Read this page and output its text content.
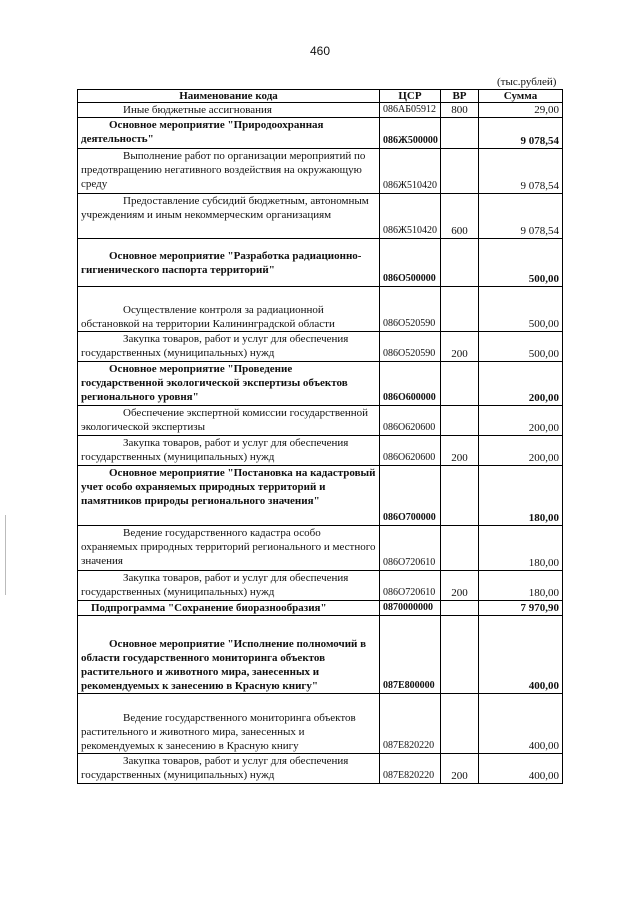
460
(тыс.рублей)
Наименование кода	ЦСР	ВР	Сумма
Иные бюджетные ассигнования	086АБ05912	800	29,00
Основное мероприятие "Природоохранная деятельность"	086Ж500000		9 078,54
Выполнение работ по организации мероприятий по предотвращению негативного воздействия на окружающую среду	086Ж510420		9 078,54
Предоставление субсидий бюджетным, автономным учреждениям и иным некоммерческим организациям	086Ж510420	600	9 078,54
Основное мероприятие "Разработка радиационно-гигиенического паспорта территорий"	086О500000		500,00
Осуществление контроля за радиационной обстановкой на территории Калининградской области	086О520590		500,00
Закупка товаров, работ и услуг для обеспечения государственных (муниципальных) нужд	086О520590	200	500,00
Основное мероприятие "Проведение государственной экологической экспертизы объектов регионального уровня"	086О600000		200,00
Обеспечение экспертной комиссии государственной экологической экспертизы	086О620600		200,00
Закупка товаров, работ и услуг для обеспечения государственных (муниципальных) нужд	086О620600	200	200,00
Основное мероприятие "Постановка на кадастровый учет особо охраняемых природных территорий и памятников природы регионального значения"	086О700000		180,00
Ведение государственного кадастра особо охраняемых природных территорий регионального и местного значения	086О720610		180,00
Закупка товаров, работ и услуг для обеспечения государственных (муниципальных) нужд	086О720610	200	180,00
Подпрограмма "Сохранение биоразнообразия"	0870000000		7 970,90
Основное мероприятие "Исполнение полномочий в области государственного мониторинга объектов растительного и животного мира, занесенных и рекомендуемых к занесению в Красную книгу"	087Е800000		400,00
Ведение государственного мониторинга объектов растительного и животного мира, занесенных и рекомендуемых к занесению в Красную книгу	087Е820220		400,00
Закупка товаров, работ и услуг для обеспечения государственных (муниципальных) нужд	087Е820220	200	400,00
